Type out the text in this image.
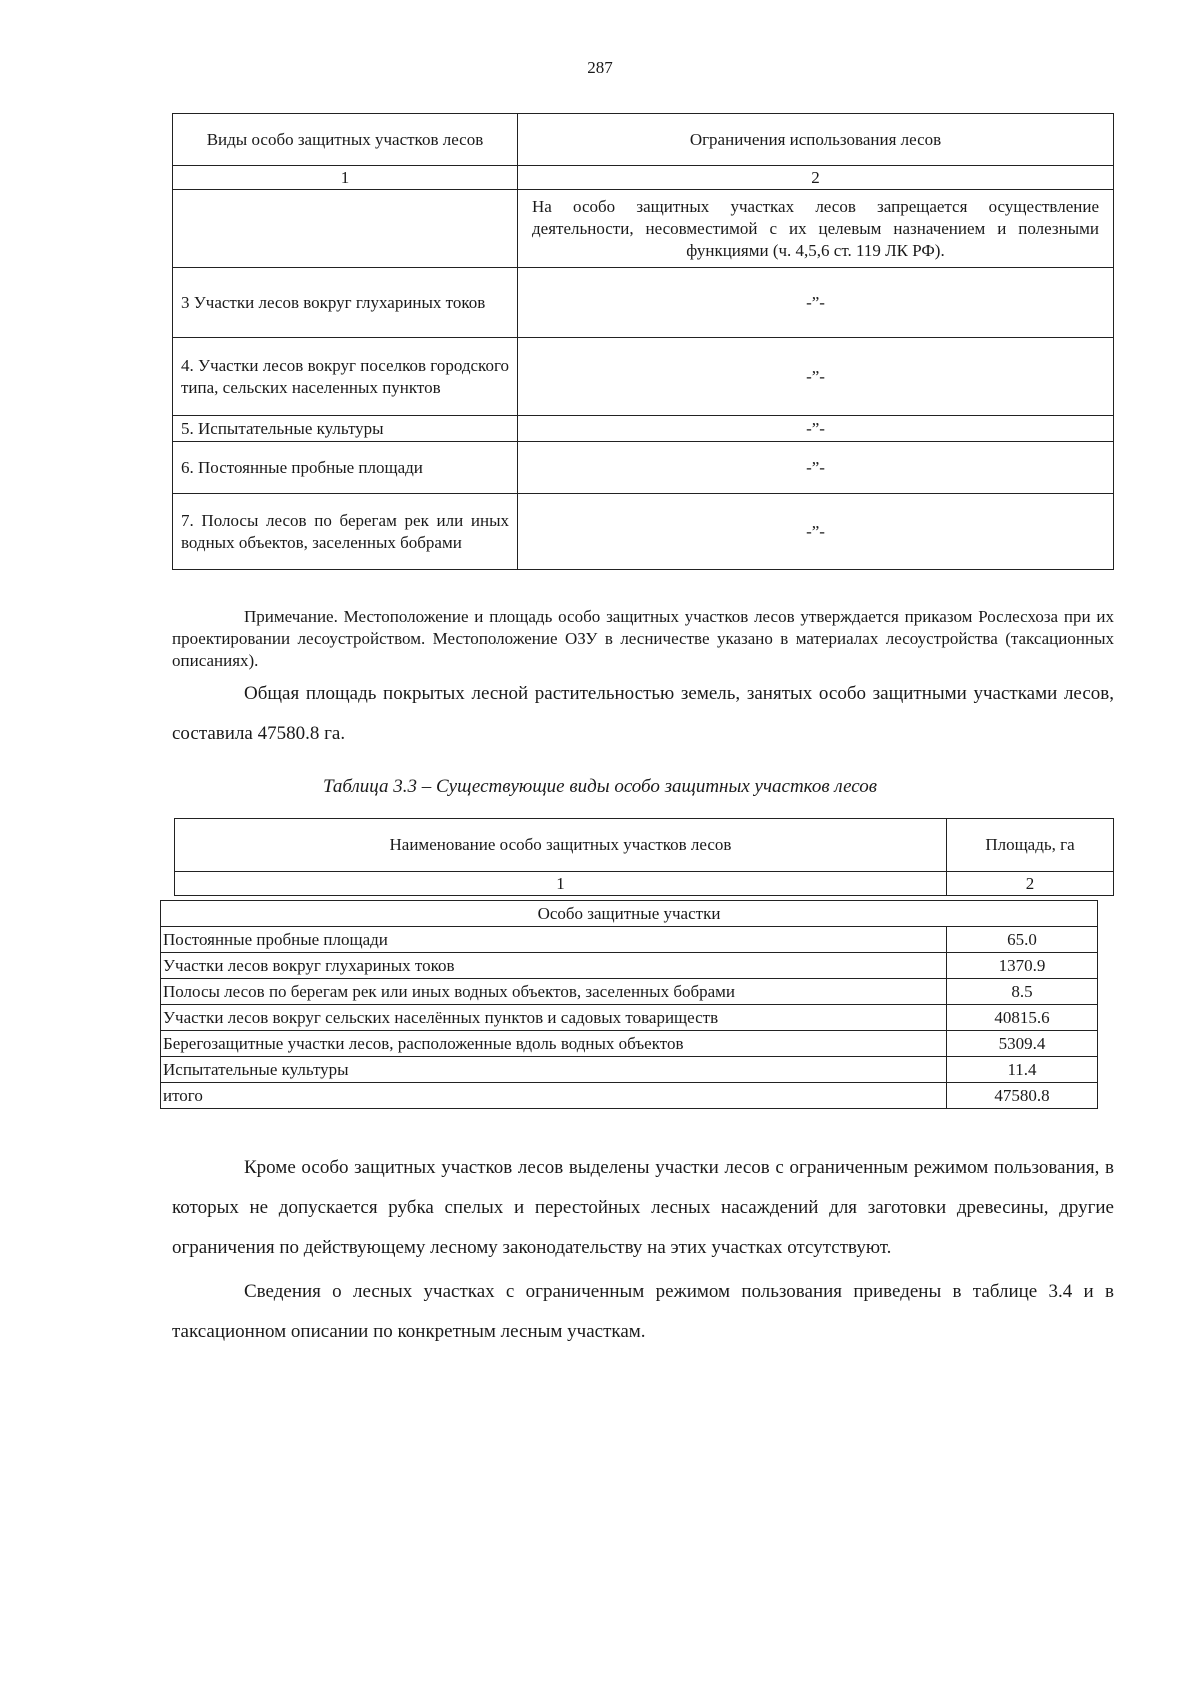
287
Виды особо защитных участков лесов	Ограничения использования лесов
1	2
	На особо защитных участках лесов запрещается осуществление деятельности, несовместимой с их целевым назначением и полезными функциями (ч. 4,5,6 ст. 119 ЛК РФ).
3 Участки лесов вокруг глухариных токов	-”-
4. Участки лесов вокруг поселков городского типа, сельских населенных пунктов	-”-
5. Испытательные культуры	-”-
6. Постоянные пробные площади	-”-
7. Полосы лесов по берегам рек или иных водных объектов, заселенных бобрами	-”-

Примечание. Местоположение и площадь особо защитных участков лесов утверждается приказом Рослесхоза при их проектировании лесоустройством. Местоположение ОЗУ в лесничестве указано в материалах лесоустройства (таксационных описаниях).

Общая площадь покрытых лесной растительностью земель, занятых особо защитными участками лесов, составила 47580.8 га.

Таблица 3.3 – Существующие виды особо защитных участков лесов
Наименование особо защитных участков лесов	Площадь, га
1	2
Особо защитные участки	
Постоянные пробные площади	65.0
Участки лесов вокруг глухариных токов	1370.9
Полосы лесов по берегам рек или иных водных объектов, заселенных бобрами	8.5
Участки лесов вокруг сельских населённых пунктов и садовых товариществ	40815.6
Берегозащитные участки лесов, расположенные вдоль водных объектов	5309.4
Испытательные культуры	11.4
итого	47580.8

Кроме особо защитных участков лесов выделены участки лесов с ограниченным режимом пользования, в которых не допускается рубка спелых и перестойных лесных насаждений для заготовки древесины, другие ограничения по действующему лесному законодательству на этих участках отсутствуют.

Сведения о лесных участках с ограниченным режимом пользования приведены в таблице 3.4 и в таксационном описании по конкретным лесным участкам.
